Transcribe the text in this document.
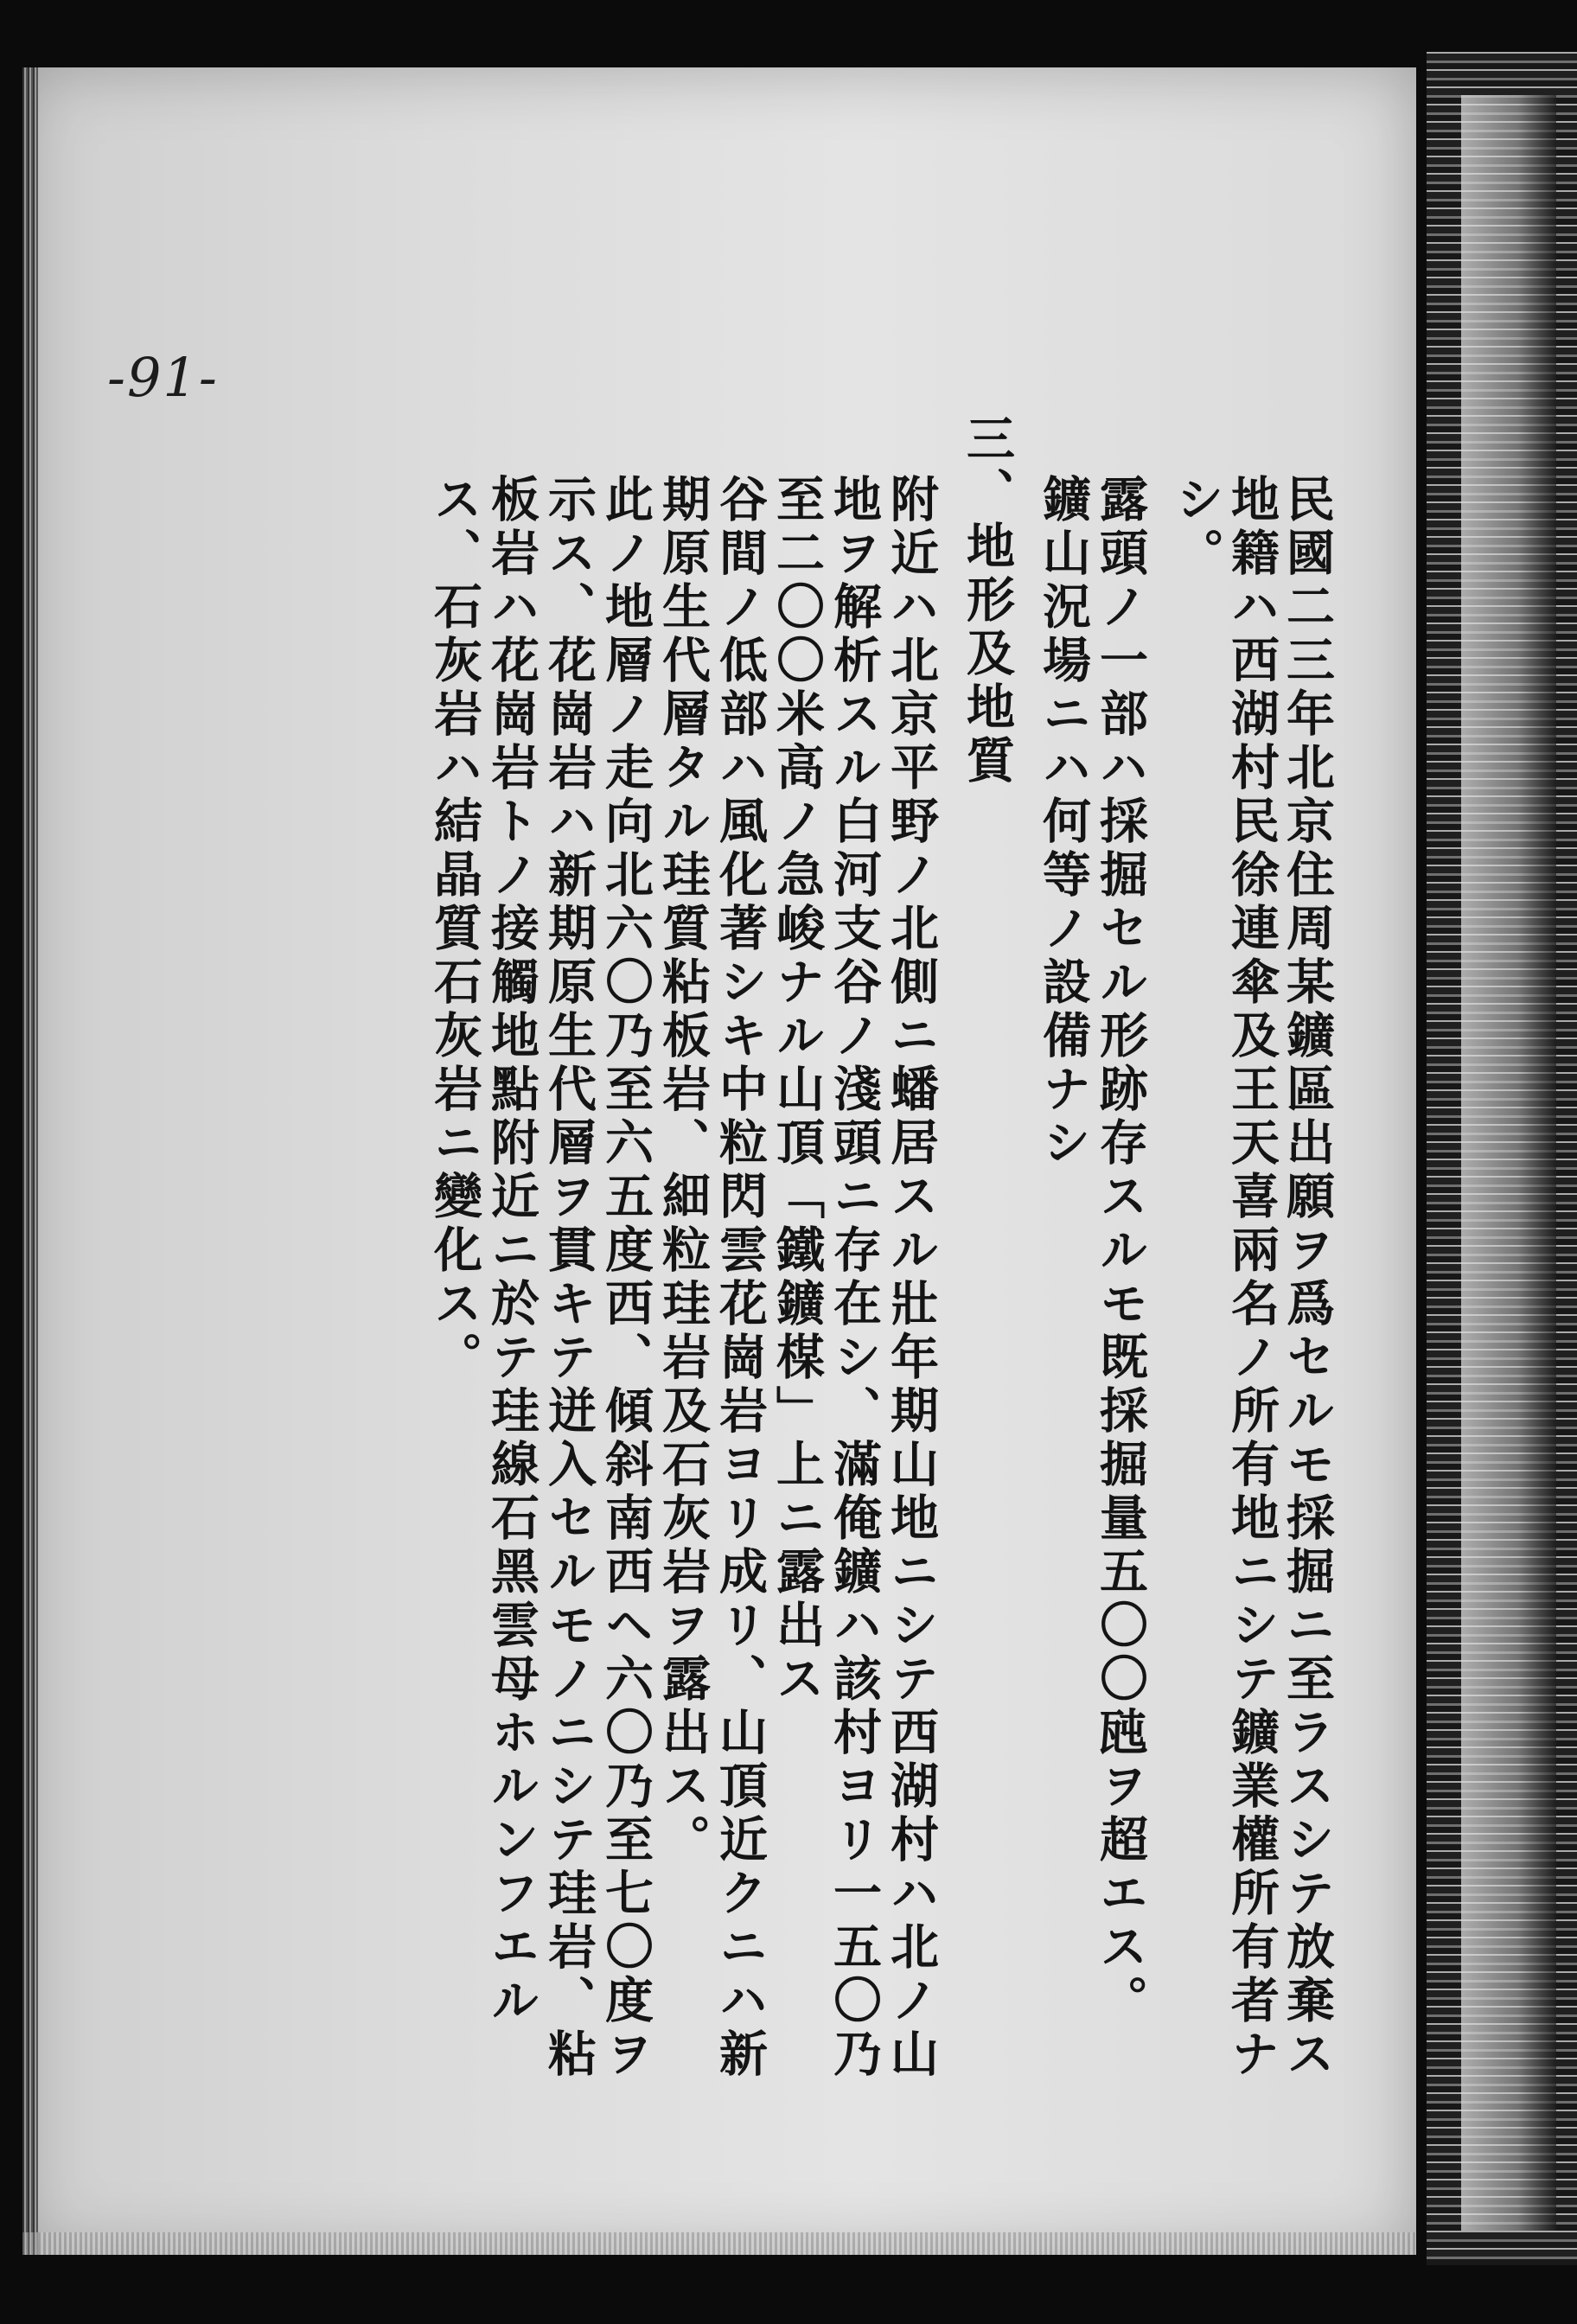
-91-
民國二三年北京住周某鑛區出願ヲ爲セルモ採掘ニ至ラスシテ放棄ス
地籍ハ西湖村民徐連傘及王天喜兩名ノ所有地ニシテ鑛業權所有者ナ
シ。
露頭ノ一部ハ採掘セル形跡存スルモ既採掘量五〇〇瓲ヲ超エス。
鑛山況場ニハ何等ノ設備ナシ
三、地形及地質
附近ハ北京平野ノ北側ニ蟠居スル壯年期山地ニシテ西湖村ハ北ノ山
地ヲ解析スル白河支谷ノ淺頭ニ存在シ、滿俺鑛ハ該村ヨリ一五〇乃
至二〇〇米高ノ急峻ナル山頂「鐵鑛楳」上ニ露出ス
谷間ノ低部ハ風化著シキ中粒閃雲花崗岩ヨリ成リ、山頂近クニハ新
期原生代層タル珪質粘板岩、細粒珪岩及石灰岩ヲ露出ス。
此ノ地層ノ走向北六〇乃至六五度西、傾斜南西ヘ六〇乃至七〇度ヲ
示ス、花崗岩ハ新期原生代層ヲ貫キテ迸入セルモノニシテ珪岩、粘
板岩ハ花崗岩トノ接觸地點附近ニ於テ珪線石黑雲母ホルンフエル
ス、石灰岩ハ結晶質石灰岩ニ變化ス。
